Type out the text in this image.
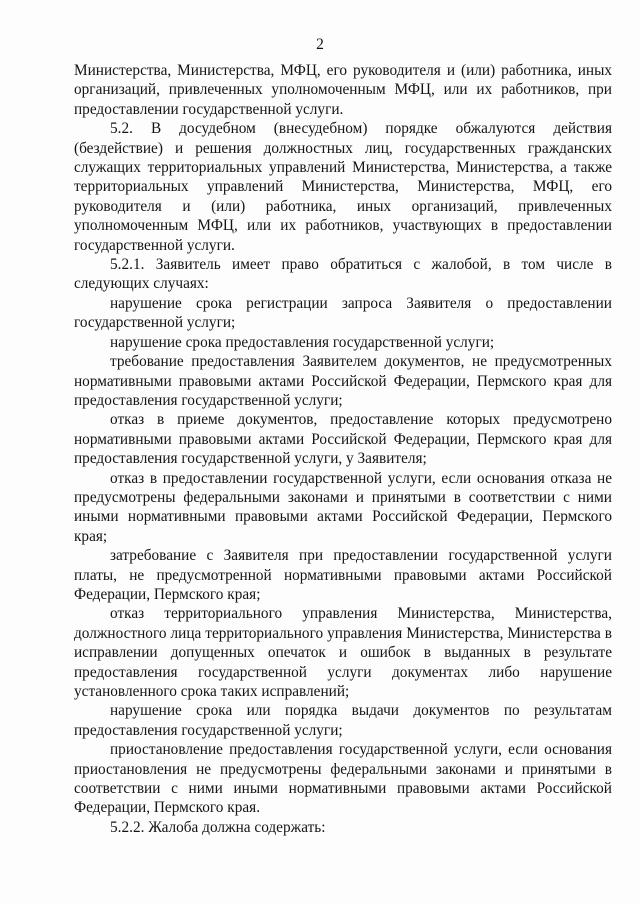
2

Министерства, Министерства, МФЦ, его руководителя и (или) работника, иных организаций, привлеченных уполномоченным МФЦ, или их работников, при предоставлении государственной услуги.

5.2. В досудебном (внесудебном) порядке обжалуются действия (бездействие) и решения должностных лиц, государственных гражданских служащих территориальных управлений Министерства, Министерства, а также территориальных управлений Министерства, Министерства, МФЦ, его руководителя и (или) работника, иных организаций, привлеченных уполномоченным МФЦ, или их работников, участвующих в предоставлении государственной услуги.

5.2.1. Заявитель имеет право обратиться с жалобой, в том числе в следующих случаях:

нарушение срока регистрации запроса Заявителя о предоставлении государственной услуги;

нарушение срока предоставления государственной услуги;

требование предоставления Заявителем документов, не предусмотренных нормативными правовыми актами Российской Федерации, Пермского края для предоставления государственной услуги;

отказ в приеме документов, предоставление которых предусмотрено нормативными правовыми актами Российской Федерации, Пермского края для предоставления государственной услуги, у Заявителя;

отказ в предоставлении государственной услуги, если основания отказа не предусмотрены федеральными законами и принятыми в соответствии с ними иными нормативными правовыми актами Российской Федерации, Пермского края;

затребование с Заявителя при предоставлении государственной услуги платы, не предусмотренной нормативными правовыми актами Российской Федерации, Пермского края;

отказ территориального управления Министерства, Министерства, должностного лица территориального управления Министерства, Министерства в исправлении допущенных опечаток и ошибок в выданных в результате предоставления государственной услуги документах либо нарушение установленного срока таких исправлений;

нарушение срока или порядка выдачи документов по результатам предоставления государственной услуги;

приостановление предоставления государственной услуги, если основания приостановления не предусмотрены федеральными законами и принятыми в соответствии с ними иными нормативными правовыми актами Российской Федерации, Пермского края.

5.2.2. Жалоба должна содержать:
